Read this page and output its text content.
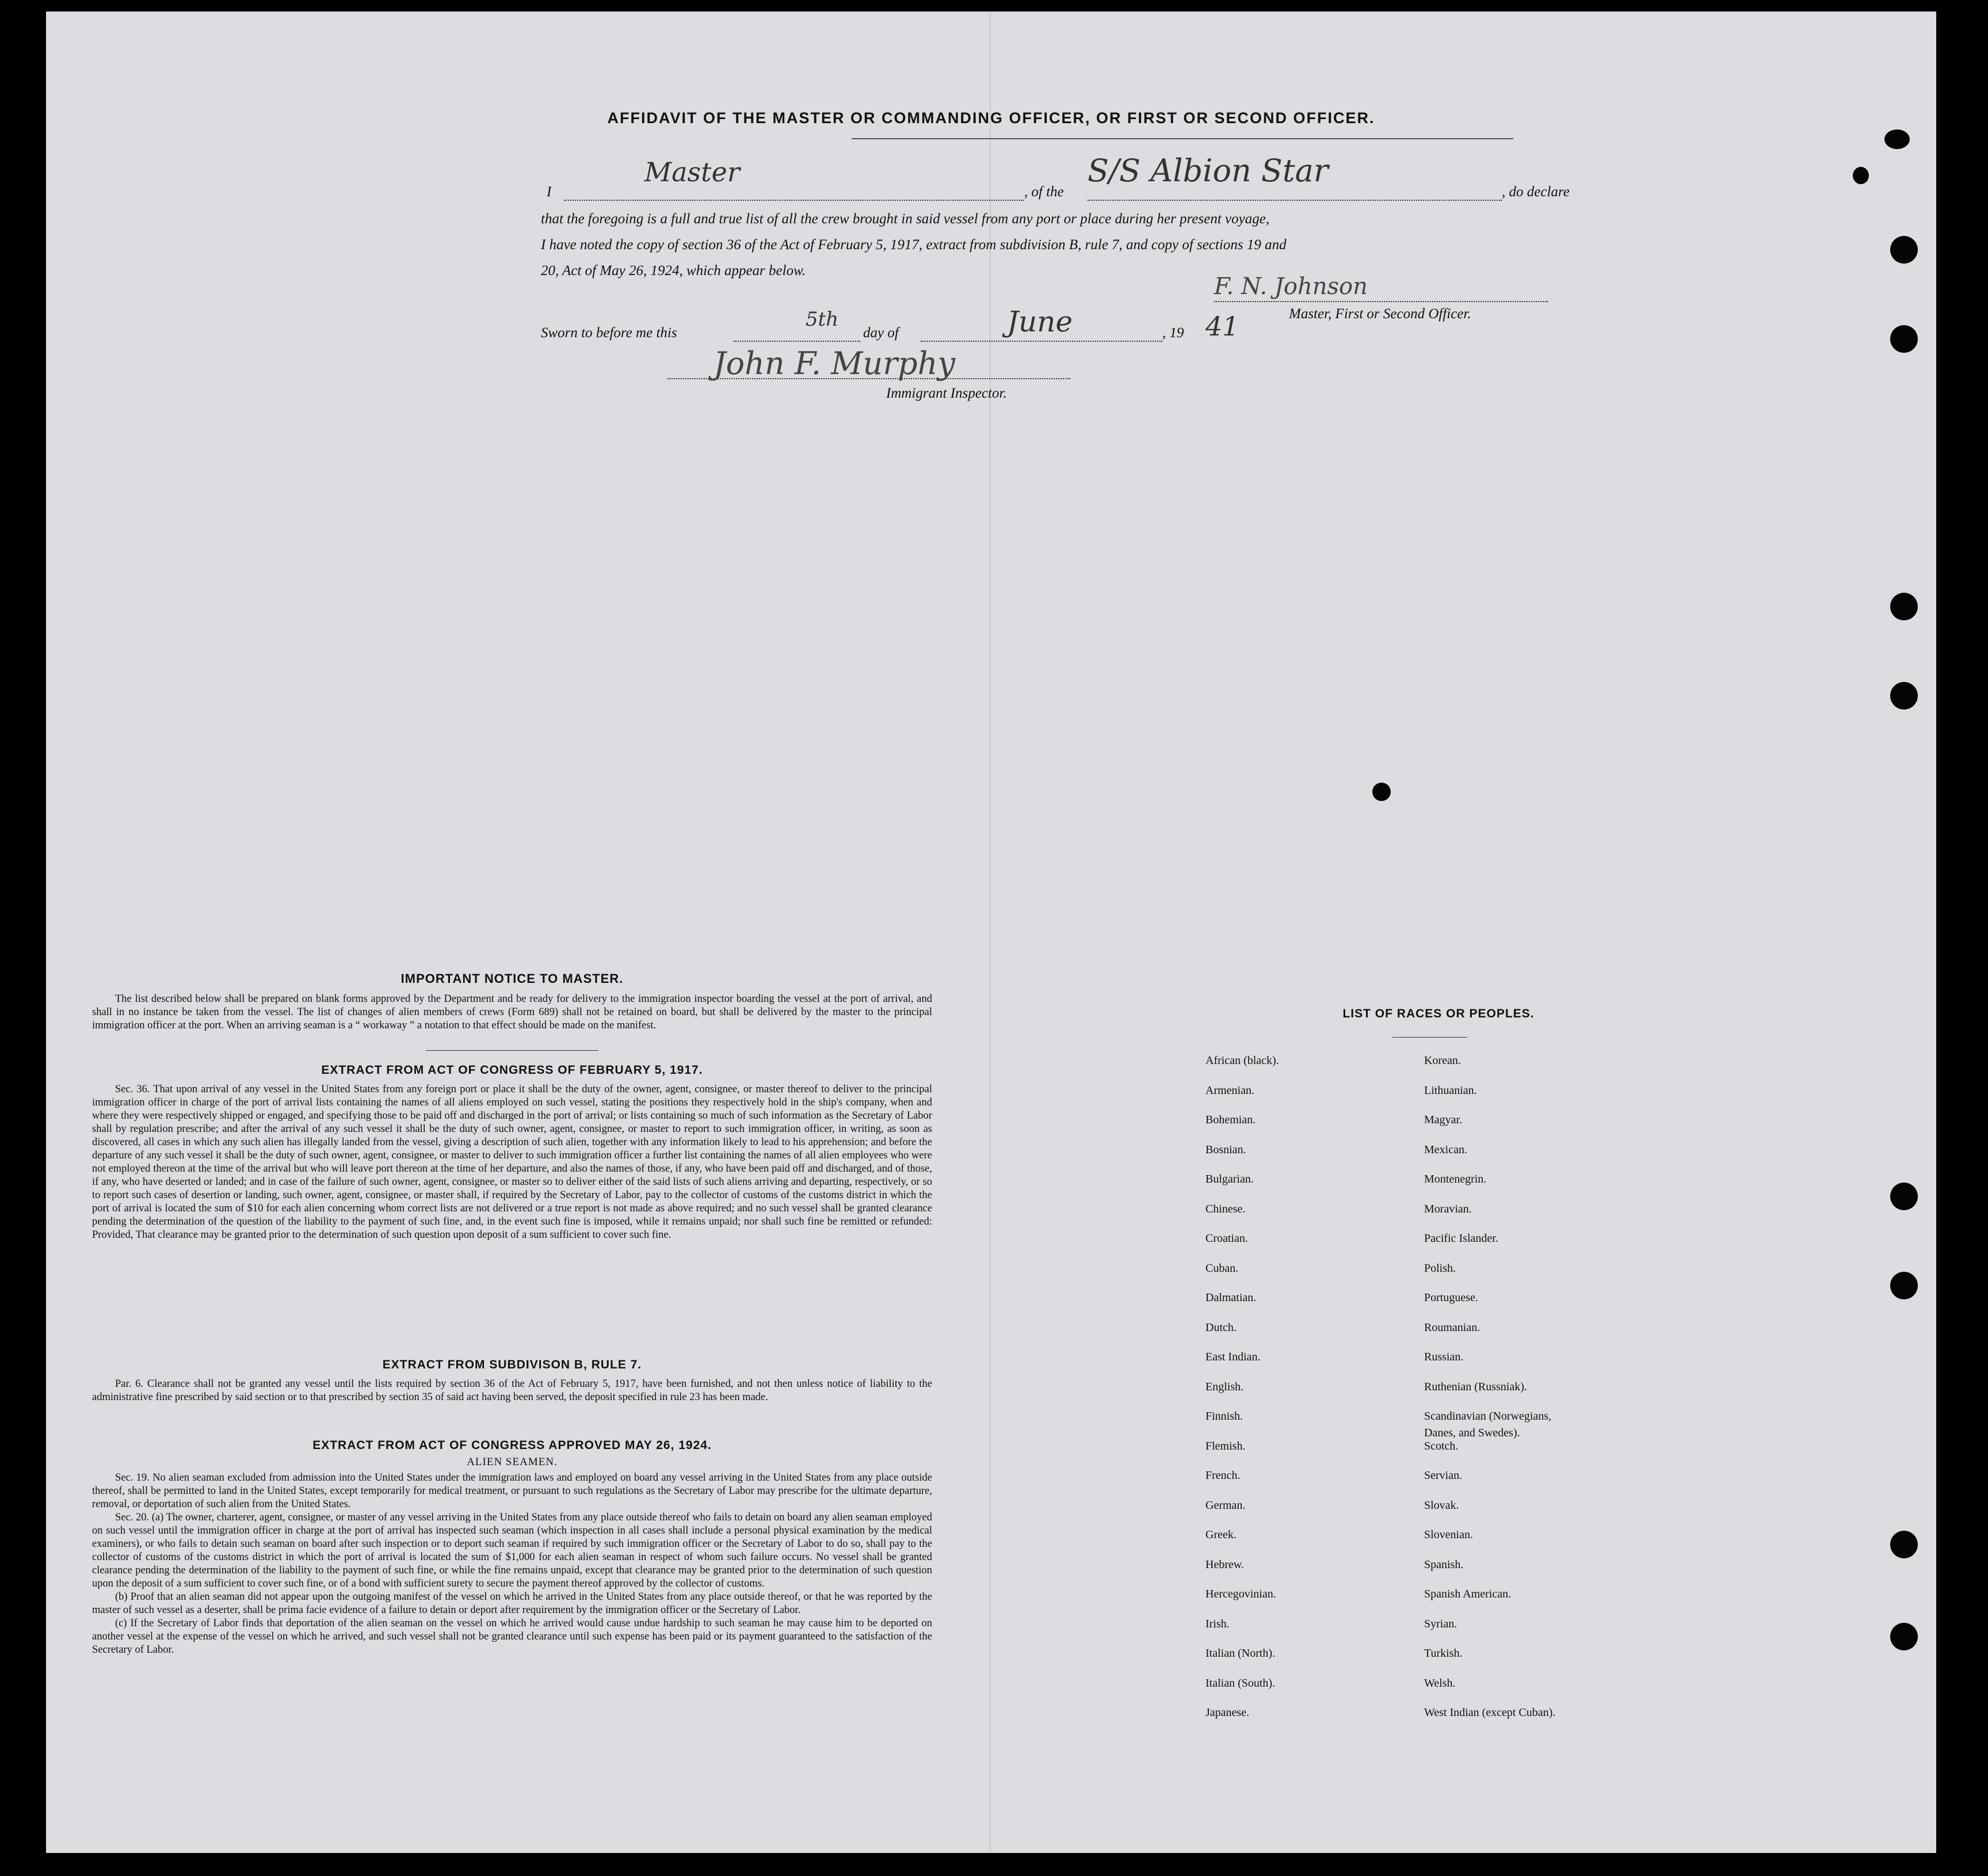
AFFIDAVIT OF THE MASTER OR COMMANDING OFFICER, OR FIRST OR SECOND OFFICER.
I
Master
, of the
S/S Albion Star
, do declare
that the foregoing is a full and true list of all the crew brought in said vessel from any port or place during her present voyage,
I have noted the copy of section 36 of the Act of February 5, 1917, extract from subdivision B, rule 7, and copy of sections 19 and
20, Act of May 26, 1924, which appear below.
F. N. Johnson
Master, First or Second Officer.
Sworn to before me this
5th
day of	June	, 19 41
John F. Murphy
Immigrant Inspector.
IMPORTANT NOTICE TO MASTER.
The list described below shall be prepared on blank forms approved by the Department and be ready for delivery to the immigration inspector boarding the vessel at the port of arrival, and shall in no instance be taken from the vessel. The list of changes of alien members of crews (Form 689) shall not be retained on board, but shall be delivered by the master to the principal immigration officer at the port. When an arriving seaman is a “ workaway ” a notation to that effect should be made on the manifest.
EXTRACT FROM ACT OF CONGRESS OF FEBRUARY 5, 1917.
Sec. 36. That upon arrival of any vessel in the United States from any foreign port or place it shall be the duty of the owner, agent, consignee, or master thereof to deliver to the principal immigration officer in charge of the port of arrival lists containing the names of all aliens employed on such vessel, stating the positions they respectively hold in the ship's company, when and where they were respectively shipped or engaged, and specifying those to be paid off and discharged in the port of arrival; or lists containing so much of such information as the Secretary of Labor shall by regulation prescribe; and after the arrival of any such vessel it shall be the duty of such owner, agent, consignee, or master to report to such immigration officer, in writing, as soon as discovered, all cases in which any such alien has illegally landed from the vessel, giving a description of such alien, together with any information likely to lead to his apprehension; and before the departure of any such vessel it shall be the duty of such owner, agent, consignee, or master to deliver to such immigration officer a further list containing the names of all alien employees who were not employed thereon at the time of the arrival but who will leave port thereon at the time of her departure, and also the names of those, if any, who have been paid off and discharged, and of those, if any, who have deserted or landed; and in case of the failure of such owner, agent, consignee, or master so to deliver either of the said lists of such aliens arriving and departing, respectively, or so to report such cases of desertion or landing, such owner, agent, consignee, or master shall, if required by the Secretary of Labor, pay to the collector of customs of the customs district in which the port of arrival is located the sum of $10 for each alien concerning whom correct lists are not delivered or a true report is not made as above required; and no such vessel shall be granted clearance pending the determination of the question of the liability to the payment of such fine, and, in the event such fine is imposed, while it remains unpaid; nor shall such fine be remitted or refunded: Provided, That clearance may be granted prior to the determination of such question upon deposit of a sum sufficient to cover such fine.
EXTRACT FROM SUBDIVISON B, RULE 7.
Par. 6. Clearance shall not be granted any vessel until the lists required by section 36 of the Act of February 5, 1917, have been furnished, and not then unless notice of liability to the administrative fine prescribed by said section or to that prescribed by section 35 of said act having been served, the deposit specified in rule 23 has been made.
EXTRACT FROM ACT OF CONGRESS APPROVED MAY 26, 1924.
ALIEN SEAMEN.
Sec. 19. No alien seaman excluded from admission into the United States under the immigration laws and employed on board any vessel arriving in the United States from any place outside thereof, shall be permitted to land in the United States, except temporarily for medical treatment, or pursuant to such regulations as the Secretary of Labor may prescribe for the ultimate departure, removal, or deportation of such alien from the United States.
Sec. 20. (a) The owner, charterer, agent, consignee, or master of any vessel arriving in the United States from any place outside thereof who fails to detain on board any alien seaman employed on such vessel until the immigration officer in charge at the port of arrival has inspected such seaman (which inspection in all cases shall include a personal physical examination by the medical examiners), or who fails to detain such seaman on board after such inspection or to deport such seaman if required by such immigration officer or the Secretary of Labor to do so, shall pay to the collector of customs of the customs district in which the port of arrival is located the sum of $1,000 for each alien seaman in respect of whom such failure occurs. No vessel shall be granted clearance pending the determination of the liability to the payment of such fine, or while the fine remains unpaid, except that clearance may be granted prior to the determination of such question upon the deposit of a sum sufficient to cover such fine, or of a bond with sufficient surety to secure the payment thereof approved by the collector of customs.
(b) Proof that an alien seaman did not appear upon the outgoing manifest of the vessel on which he arrived in the United States from any place outside thereof, or that he was reported by the master of such vessel as a deserter, shall be prima facie evidence of a failure to detain or deport after requirement by the immigration officer or the Secretary of Labor.
(c) If the Secretary of Labor finds that deportation of the alien seaman on the vessel on which he arrived would cause undue hardship to such seaman he may cause him to be deported on another vessel at the expense of the vessel on which he arrived, and such vessel shall not be granted clearance until such expense has been paid or its payment guaranteed to the satisfaction of the Secretary of Labor.
LIST OF RACES OR PEOPLES.
Danes, and Swedes).
African (black).
Armenian.
Bohemian.
Bosnian.
Bulgarian.
Chinese.
Croatian.
Cuban.
Dalmatian.
Dutch.
East Indian.
English.
Finnish.
Flemish.
French.
German.
Greek.
Hebrew.
Hercegovinian.
Irish.
Italian (North).
Italian (South).
Japanese.
Korean.
Lithuanian.
Magyar.
Mexican.
Montenegrin.
Moravian.
Pacific Islander.
Polish.
Portuguese.
Roumanian.
Russian.
Ruthenian (Russniak).
Scandinavian (Norwegians,
Scotch.
Servian.
Slovak.
Slovenian.
Spanish.
Spanish American.
Syrian.
Turkish.
Welsh.
West Indian (except Cuban).
